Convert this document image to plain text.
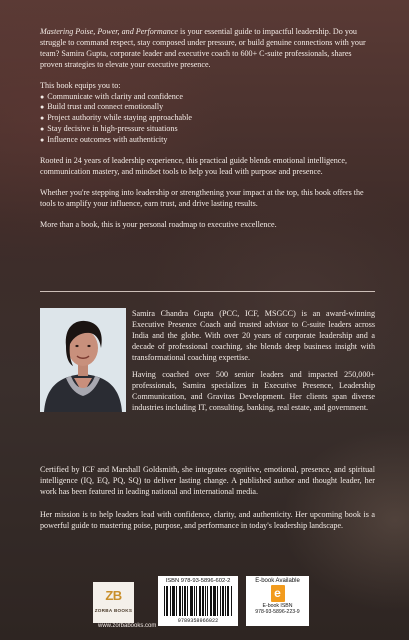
Mastering Poise, Power, and Performance is your essential guide to impactful leadership. Do you struggle to command respect, stay composed under pressure, or build genuine connections with your team? Samira Gupta, corporate leader and executive coach to 600+ C-suite professionals, shares proven strategies to elevate your executive presence.

This book equips you to:

● Communicate with clarity and confidence
● Build trust and connect emotionally
● Project authority while staying approachable
● Stay decisive in high-pressure situations
● Influence outcomes with authenticity

Rooted in 24 years of leadership experience, this practical guide blends emotional intelligence, communication mastery, and mindset tools to help you lead with purpose and presence.

Whether you're stepping into leadership or strengthening your impact at the top, this book offers the tools to amplify your influence, earn trust, and drive lasting results.

More than a book, this is your personal roadmap to executive excellence.

Samira Chandra Gupta (PCC, ICF, MSGCC) is an award-winning Executive Presence Coach and trusted advisor to C-suite leaders across India and the globe. With over 20 years of corporate leadership and a decade of professional coaching, she blends deep business insight with transformational coaching expertise.

Having coached over 500 senior leaders and impacted 250,000+ professionals, Samira specializes in Executive Presence, Leadership Communication, and Gravitas Development. Her clients span diverse industries including IT, consulting, banking, real estate, and government.

Certified by ICF and Marshall Goldsmith, she integrates cognitive, emotional, presence, and spiritual intelligence (IQ, EQ, PQ, SQ) to deliver lasting change. A published author and thought leader, her work has been featured in leading national and international media.

Her mission is to help leaders lead with confidence, clarity, and authenticity. Her upcoming book is a powerful guide to mastering poise, purpose, and performance in today's leadership landscape.

ZB
ZORBA BOOKS
www.zorbabooks.com
ISBN 978-93-5896-602-2
9789358966022
E-book Available
e
E-book ISBN
978-93-5896-223-9
